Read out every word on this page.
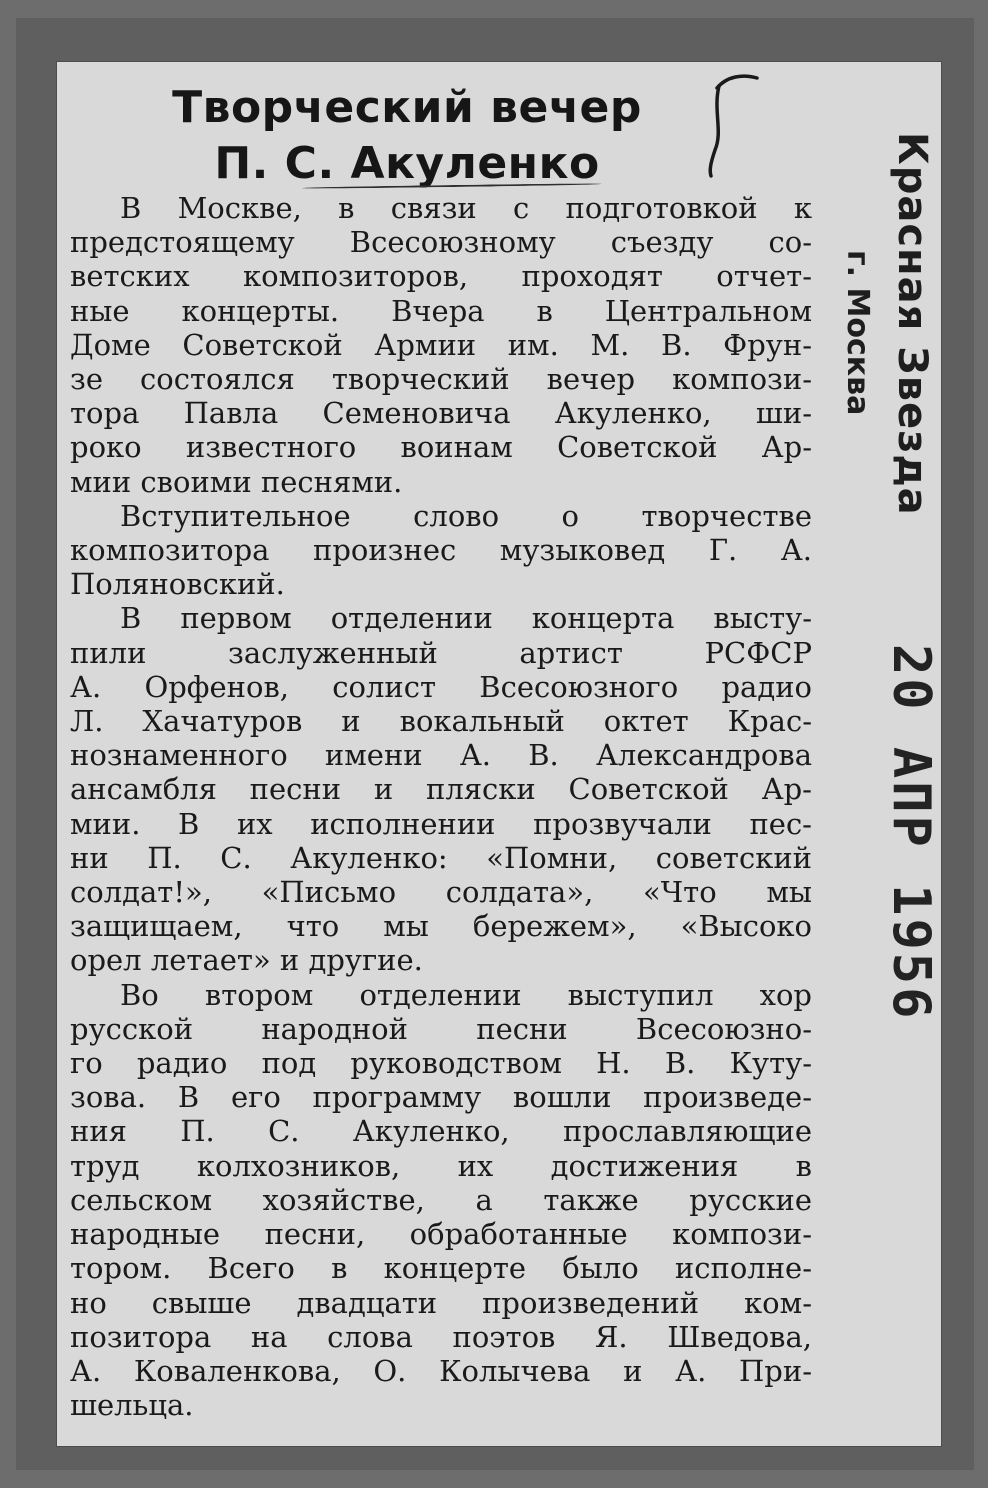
Творческий вечер
П. С. Акуленко
В Москве, в связи с подготовкой к
предстоящему Всесоюзному съезду со-
ветских композиторов, проходят отчет-
ные концерты. Вчера в Центральном
Доме Советской Армии им. М. В. Фрун-
зе состоялся творческий вечер компози-
тора Павла Семеновича Акуленко, ши-
роко известного воинам Советской Ар-
мии своими песнями.
Вступительное слово о творчестве
композитора произнес музыковед Г. А.
Поляновский.
В первом отделении концерта высту-
пили заслуженный артист РСФСР
А. Орфенов, солист Всесоюзного радио
Л. Хачатуров и вокальный октет Крас-
нознаменного имени А. В. Александрова
ансамбля песни и пляски Советской Ар-
мии. В их исполнении прозвучали пес-
ни П. С. Акуленко: «Помни, советский
солдат!», «Письмо солдата», «Что мы
защищаем, что мы бережем», «Высоко
орел летает» и другие.
Во втором отделении выступил хор
русской народной песни Всесоюзно-
го радио под руководством Н. В. Куту-
зова. В его программу вошли произведе-
ния П. С. Акуленко, прославляющие
труд колхозников, их достижения в
сельском хозяйстве, а также русские
народные песни, обработанные компози-
тором. Всего в концерте было исполне-
но свыше двадцати произведений ком-
позитора на слова поэтов Я. Шведова,
А. Коваленкова, О. Колычева и А. При-
шельца.
Красная Звезда
г. Москва
20 АПР 1956
